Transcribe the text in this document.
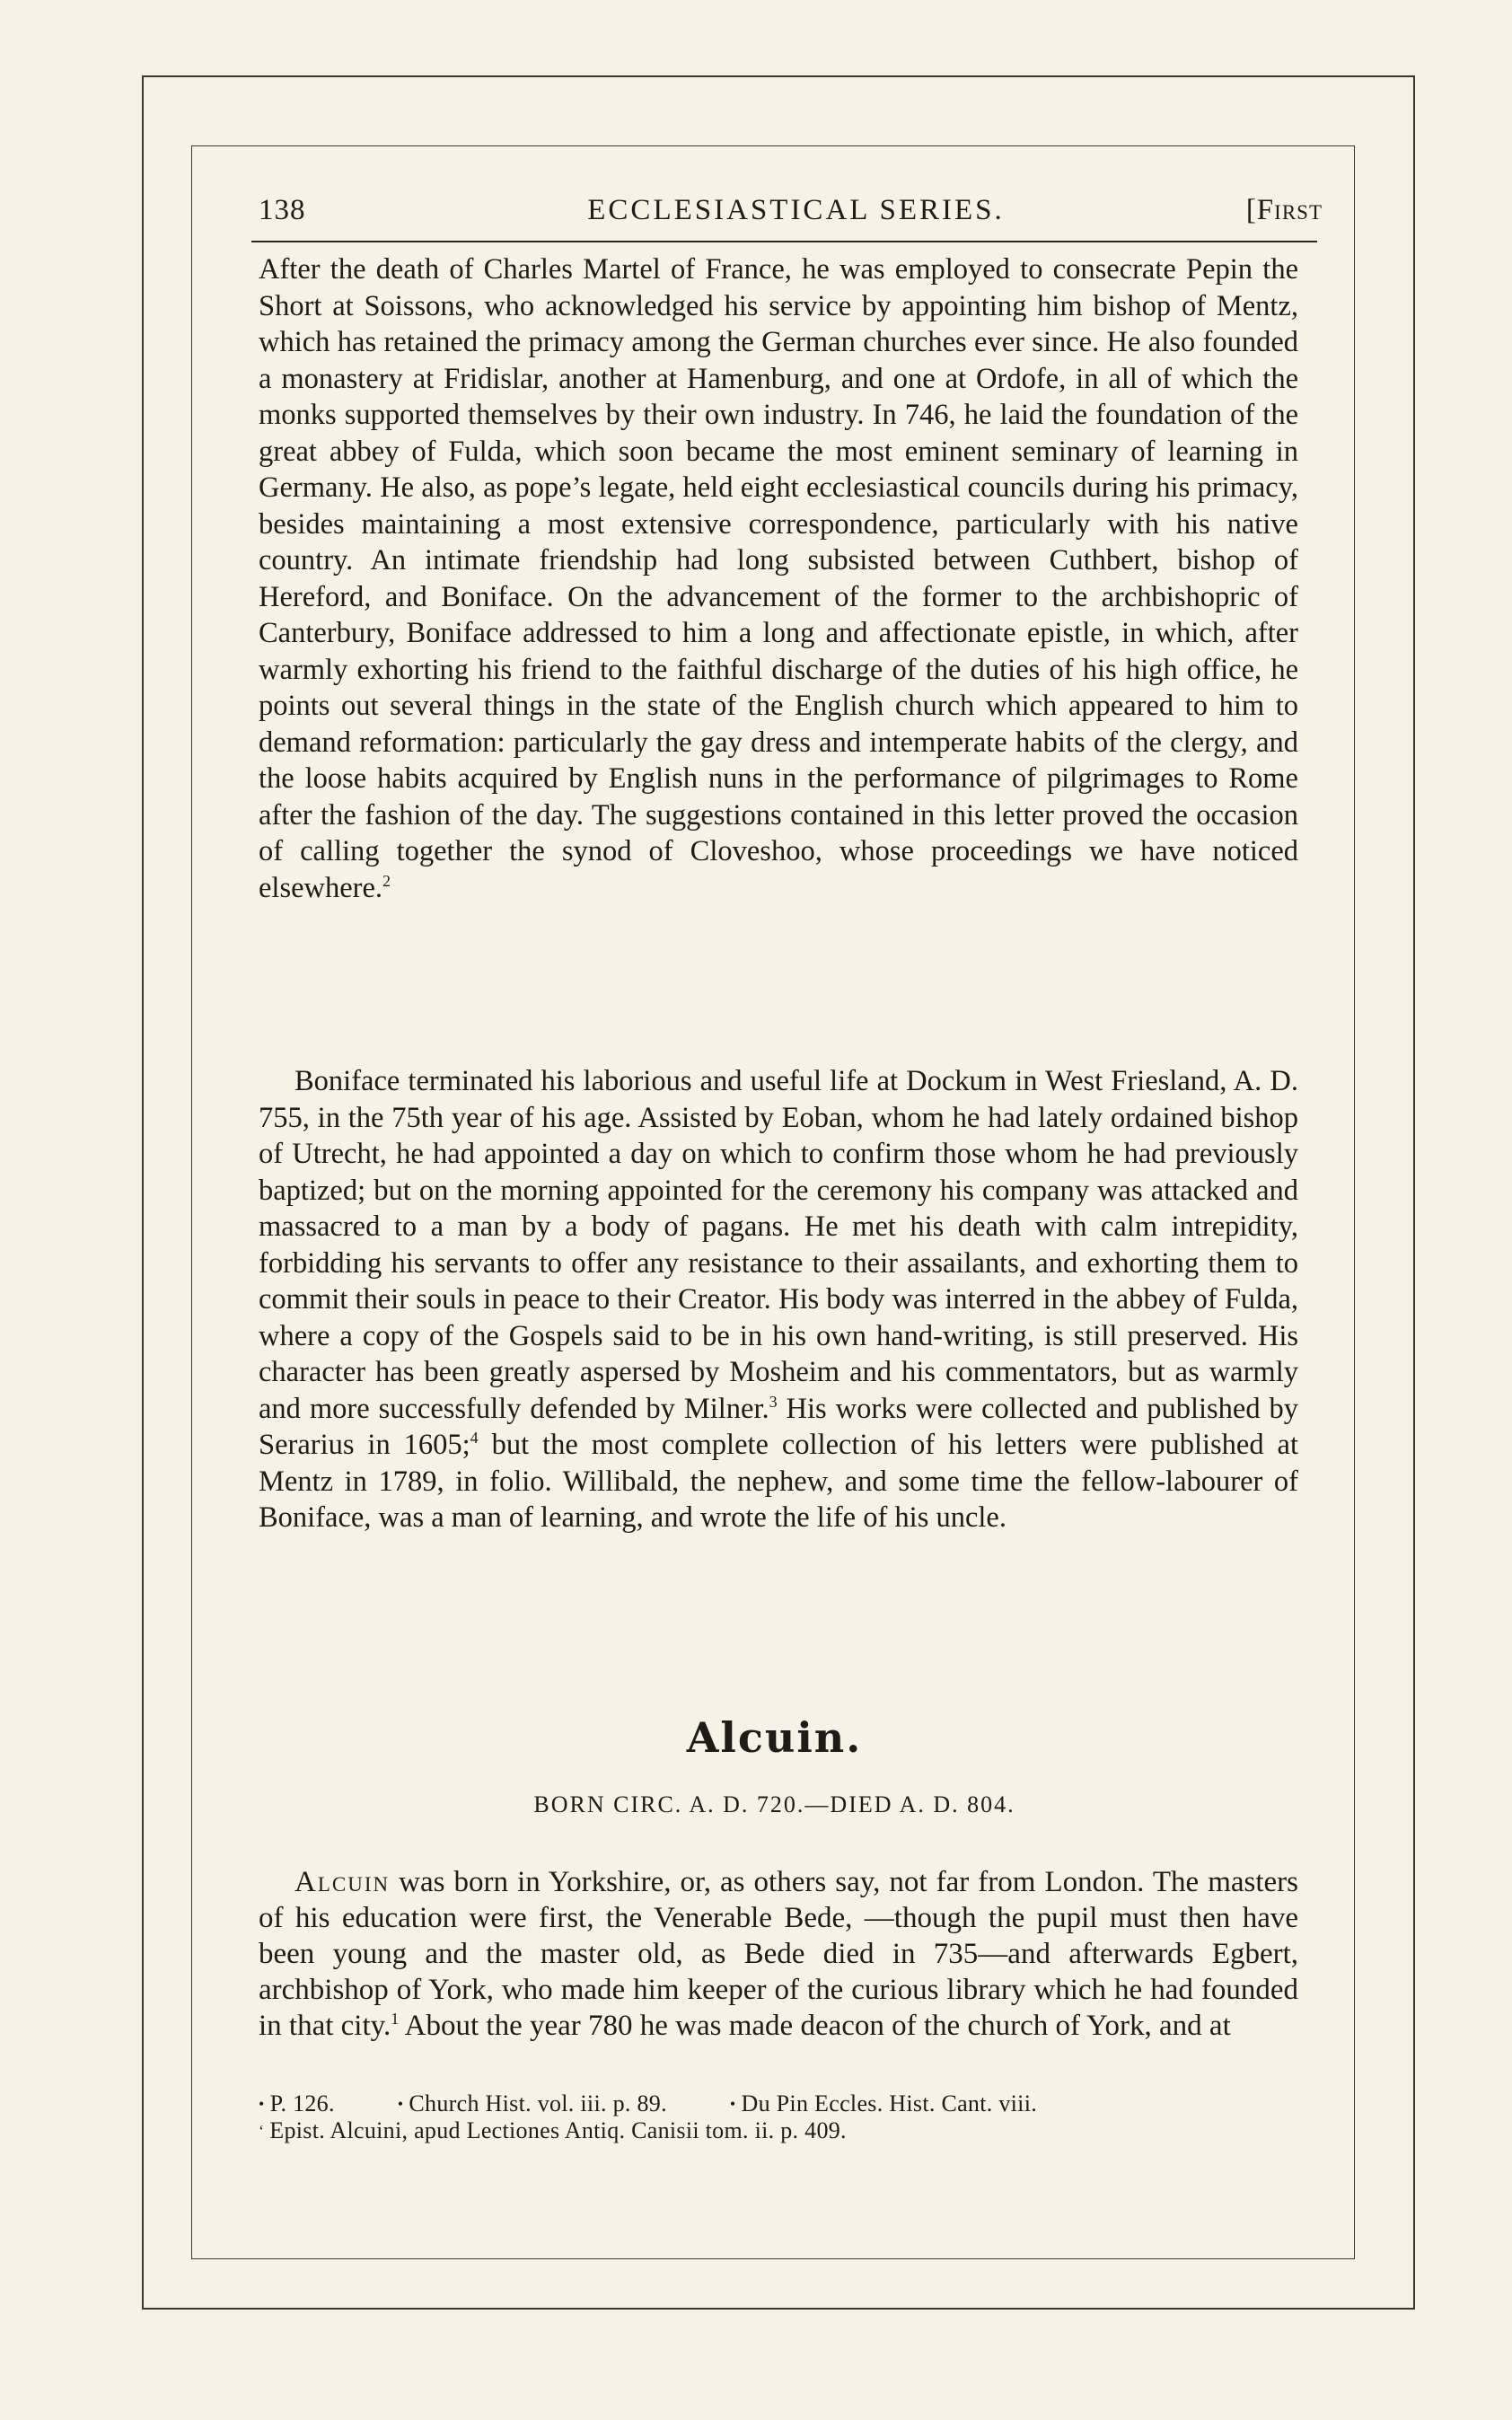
138	ECCLESIASTICAL SERIES.	[First

After the death of Charles Martel of France, he was employed to consecrate Pepin the Short at Soissons, who acknowledged his service by appointing him bishop of Mentz, which has retained the primacy among the German churches ever since. He also founded a monastery at Fridislar, another at Hamenburg, and one at Ordofe, in all of which the monks supported themselves by their own industry. In 746, he laid the foundation of the great abbey of Fulda, which soon became the most eminent seminary of learning in Germany. He also, as pope’s legate, held eight ecclesiastical councils during his primacy, besides maintaining a most extensive correspondence, particularly with his native country. An intimate friendship had long subsisted between Cuthbert, bishop of Hereford, and Boniface. On the advancement of the former to the archbishopric of Canterbury, Boniface addressed to him a long and affectionate epistle, in which, after warmly exhorting his friend to the faithful discharge of the duties of his high office, he points out several things in the state of the English church which appeared to him to demand reformation: particularly the gay dress and intemperate habits of the clergy, and the loose habits acquired by English nuns in the performance of pilgrimages to Rome after the fashion of the day. The suggestions contained in this letter proved the occasion of calling together the synod of Cloveshoo, whose proceedings we have noticed elsewhere.$^2$

Boniface terminated his laborious and useful life at Dockum in West Friesland, A. D. 755, in the 75th year of his age. Assisted by Eoban, whom he had lately ordained bishop of Utrecht, he had appointed a day on which to confirm those whom he had previously baptized; but on the morning appointed for the ceremony his company was attacked and massacred to a man by a body of pagans. He met his death with calm intrepidity, forbidding his servants to offer any resistance to their assailants, and exhorting them to commit their souls in peace to their Creator. His body was interred in the abbey of Fulda, where a copy of the Gospels said to be in his own hand-writing, is still preserved. His character has been greatly aspersed by Mosheim and his commentators, but as warmly and more successfully defended by Milner.$^3$ His works were collected and published by Serarius in 1605;$^4$ but the most complete collection of his letters were published at Mentz in 1789, in folio. Willibald, the nephew, and some time the fellow-labourer of Boniface, was a man of learning, and wrote the life of his uncle.

Alcuin.
BORN CIRC. A. D. 720.—DIED A. D. 804.

Alcuin was born in Yorkshire, or, as others say, not far from London. The masters of his education were first, the Venerable Bede, —though the pupil must then have been young and the master old, as Bede died in 735—and afterwards Egbert, archbishop of York, who made him keeper of the curious library which he had founded in that city.$^1$ About the year 780 he was made deacon of the church of York, and at

• P. 126.	• Church Hist. vol. iii. p. 89.	• Du Pin Eccles. Hist. Cant. viii.
‘ Epist. Alcuini, apud Lectiones Antiq. Canisii tom. ii. p. 409.
